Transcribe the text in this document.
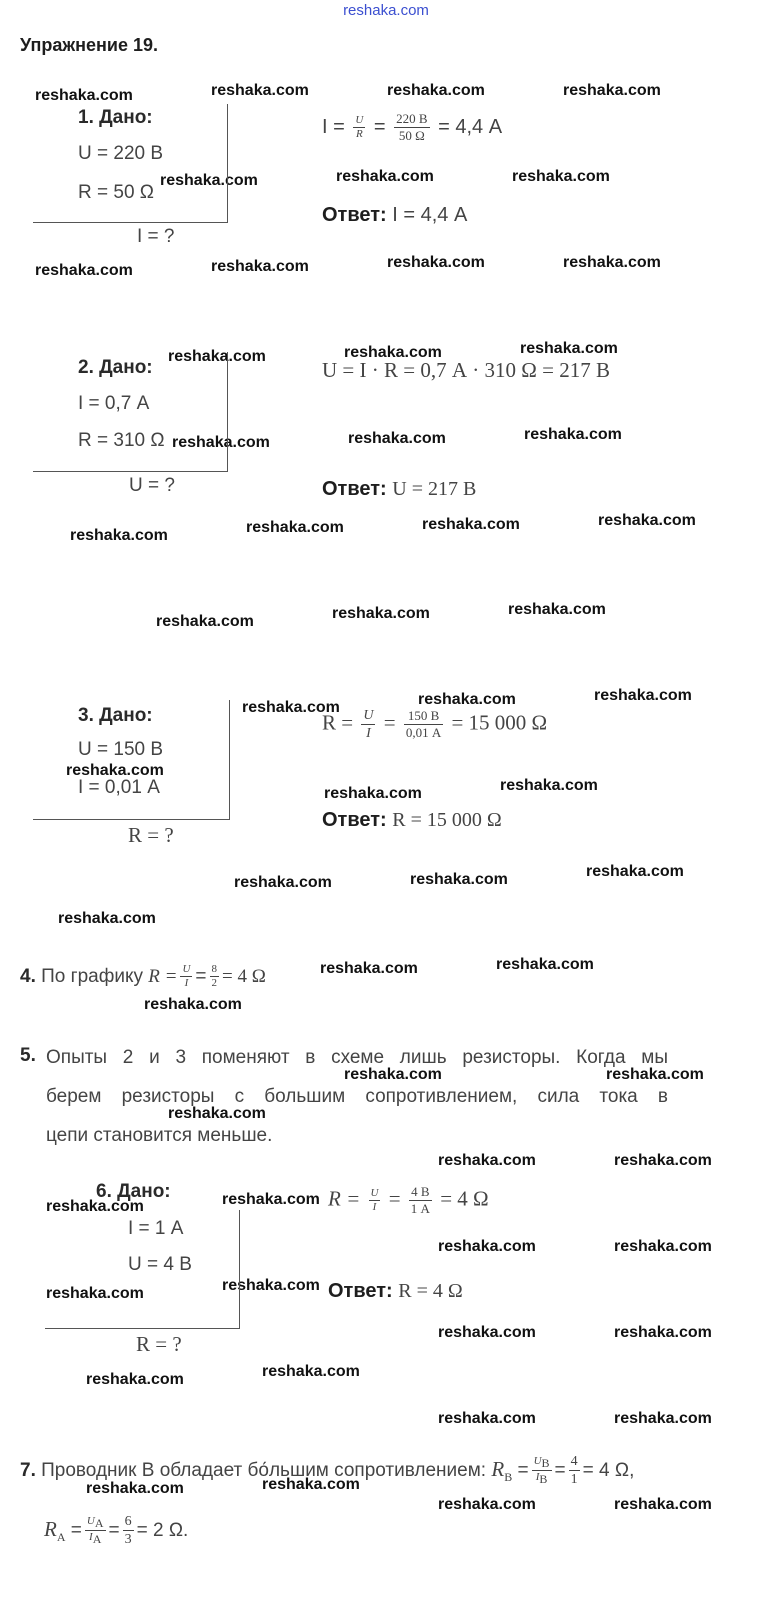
reshaka.com
Упражнение 19.
reshaka.com	reshaka.com	reshaka.com	reshaka.com
reshaka.com	reshaka.com	reshaka.com
reshaka.com	reshaka.com	reshaka.com	reshaka.com
reshaka.com	reshaka.com	reshaka.com
reshaka.com	reshaka.com	reshaka.com
reshaka.com	reshaka.com	reshaka.com	reshaka.com
reshaka.com	reshaka.com	reshaka.com
reshaka.com	reshaka.com	reshaka.com
reshaka.com
reshaka.com	reshaka.com
reshaka.com	reshaka.com	reshaka.com
reshaka.com
reshaka.com	reshaka.com
reshaka.com
reshaka.com	reshaka.com
reshaka.com
reshaka.com	reshaka.com
reshaka.com	reshaka.com
reshaka.com	reshaka.com
reshaka.com	reshaka.com
reshaka.com	reshaka.com
reshaka.com
reshaka.com
reshaka.com	reshaka.com
reshaka.com	reshaka.com
reshaka.com	reshaka.com
1. Дано:
U = 220 В
R = 50 Ω
I = ?
$I = \frac{U}{R} = \frac{220 В}{50 \Omega} = 4,4$ А
Ответ: I = 4,4 А
2. Дано:
I = 0,7 А
R = 310 Ω
U = ?
U = I · R = 0,7 А · 310 Ω = 217 В
Ответ: U = 217 В
3. Дано:
U = 150 В
I = 0,01 А
R = ?
$R = \frac{U}{I} = \frac{150 В}{0,01 А} = 15$ 000 Ω
Ответ: R = 15 000 Ω
4. По графику $R = \frac{U}{I} = \frac{8}{2} = 4$ Ω
5. Опыты 2 и 3 поменяют в схеме лишь резисторы. Когда мы
берем резисторы с большим сопротивлением, сила тока в
цепи становится меньше.
6. Дано:
I = 1 А
U = 4 В
R = ?
$R = \frac{U}{I} = \frac{4 В}{1 А} = 4$ Ω
Ответ: R = 4 Ω
7. Проводник В обладает бо́льшим сопротивлением: $R_В = \frac{U_В}{I_В} = \frac{4}{1} = 4$ Ω,
$R_А = \frac{U_А}{I_А} = \frac{6}{3} = 2$ Ω.
